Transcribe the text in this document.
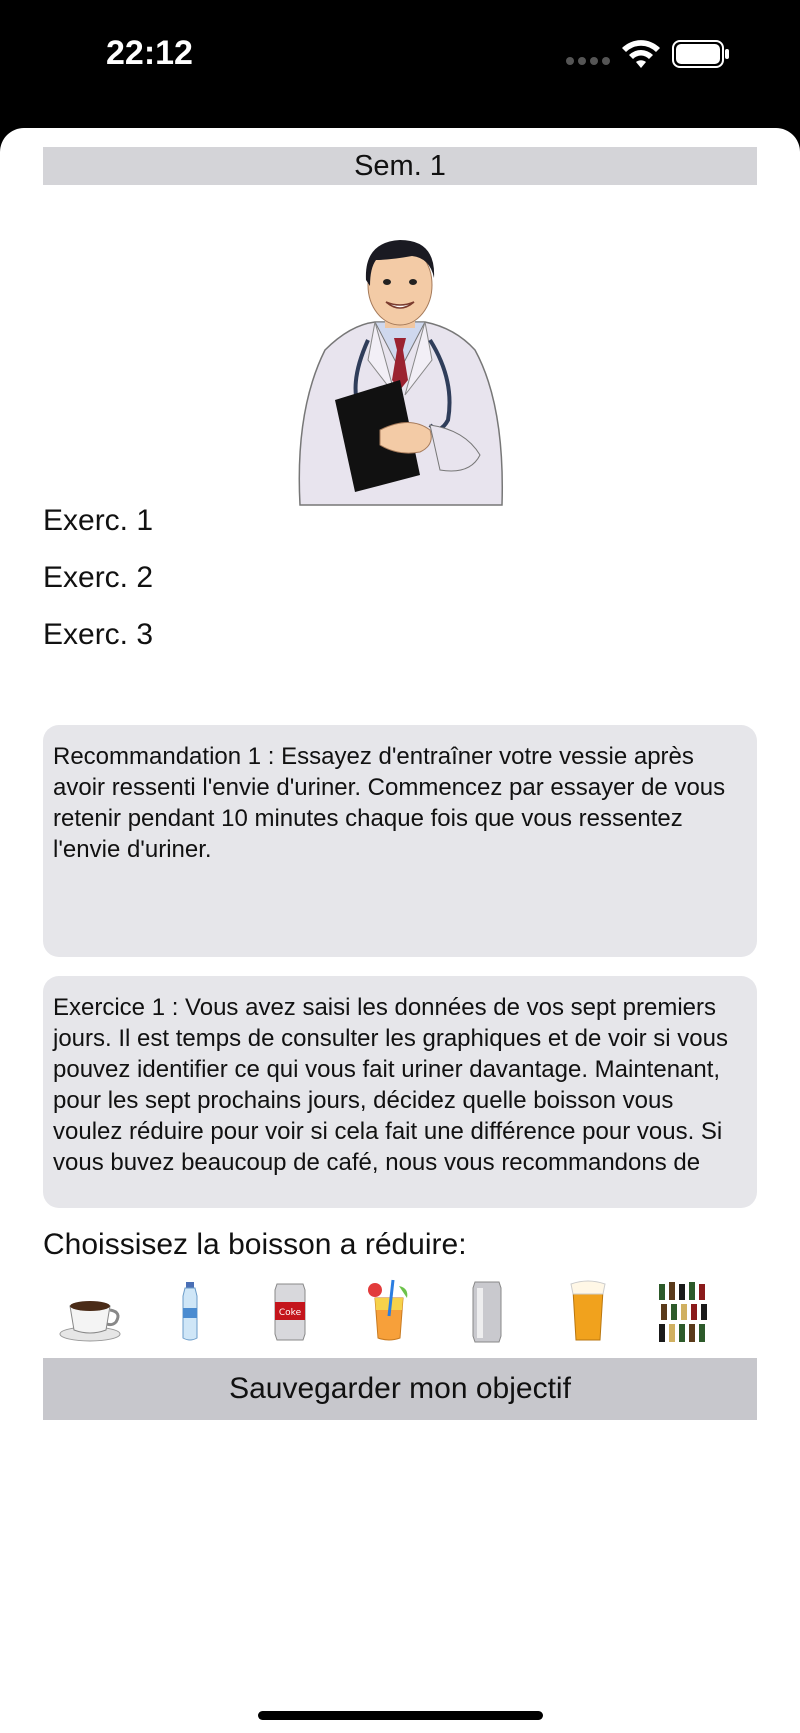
22:12
Sem. 1
Exerc. 1
Exerc. 2
Exerc. 3
Recommandation 1 : Essayez d'entraîner votre vessie après avoir ressenti l'envie d'uriner. Commencez par essayer de vous retenir pendant 10 minutes chaque fois que vous ressentez l'envie d'uriner.
Exercice 1 : Vous avez saisi les données de vos sept premiers jours. Il est temps de consulter les graphiques et de voir si vous pouvez identifier ce qui vous fait uriner davantage. Maintenant, pour les sept prochains jours, décidez quelle boisson vous voulez réduire pour voir si cela fait une différence pour vous. Si vous buvez beaucoup de café, nous vous recommandons de
Choissisez la boisson a réduire:
Coke
Sauvegarder mon objectif
